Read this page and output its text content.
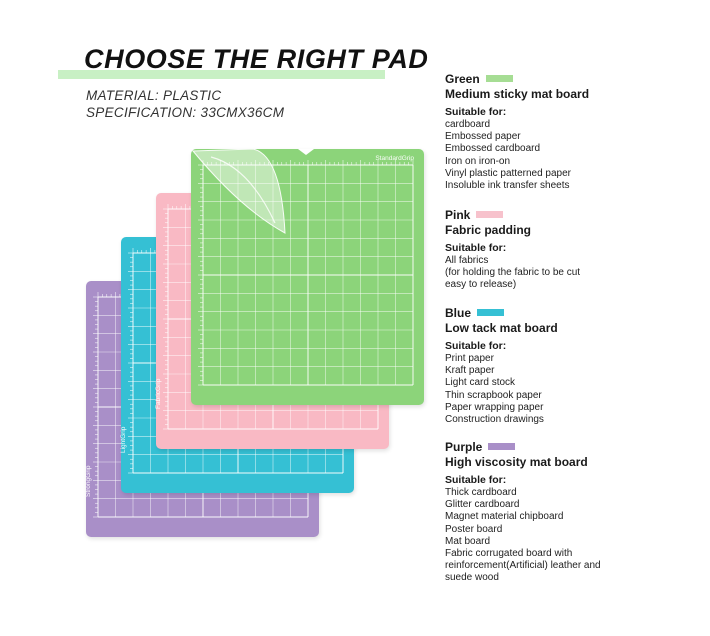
CHOOSE THE RIGHT PAD
MATERIAL: PLASTIC
SPECIFICATION: 33CMX36CM
StrongGrip
LightGrip
FabricGrip
StandardGrip
Green
Medium sticky mat board
Suitable for:
cardboard
Embossed paper
Embossed cardboard
Iron on iron-on
Vinyl plastic patterned paper
Insoluble ink transfer sheets
Pink
Fabric padding
Suitable for:
All fabrics
(for holding the fabric to be cut
easy to release)
Blue
Low tack mat board
Suitable for:
Print paper
Kraft paper
Light card stock
Thin scrapbook paper
Paper wrapping paper
Construction drawings
Purple
High viscosity mat board
Suitable for:
Thick cardboard
Glitter cardboard
Magnet material chipboard
Poster board
Mat board
Fabric corrugated board with
reinforcement(Artificial) leather and
suede wood
